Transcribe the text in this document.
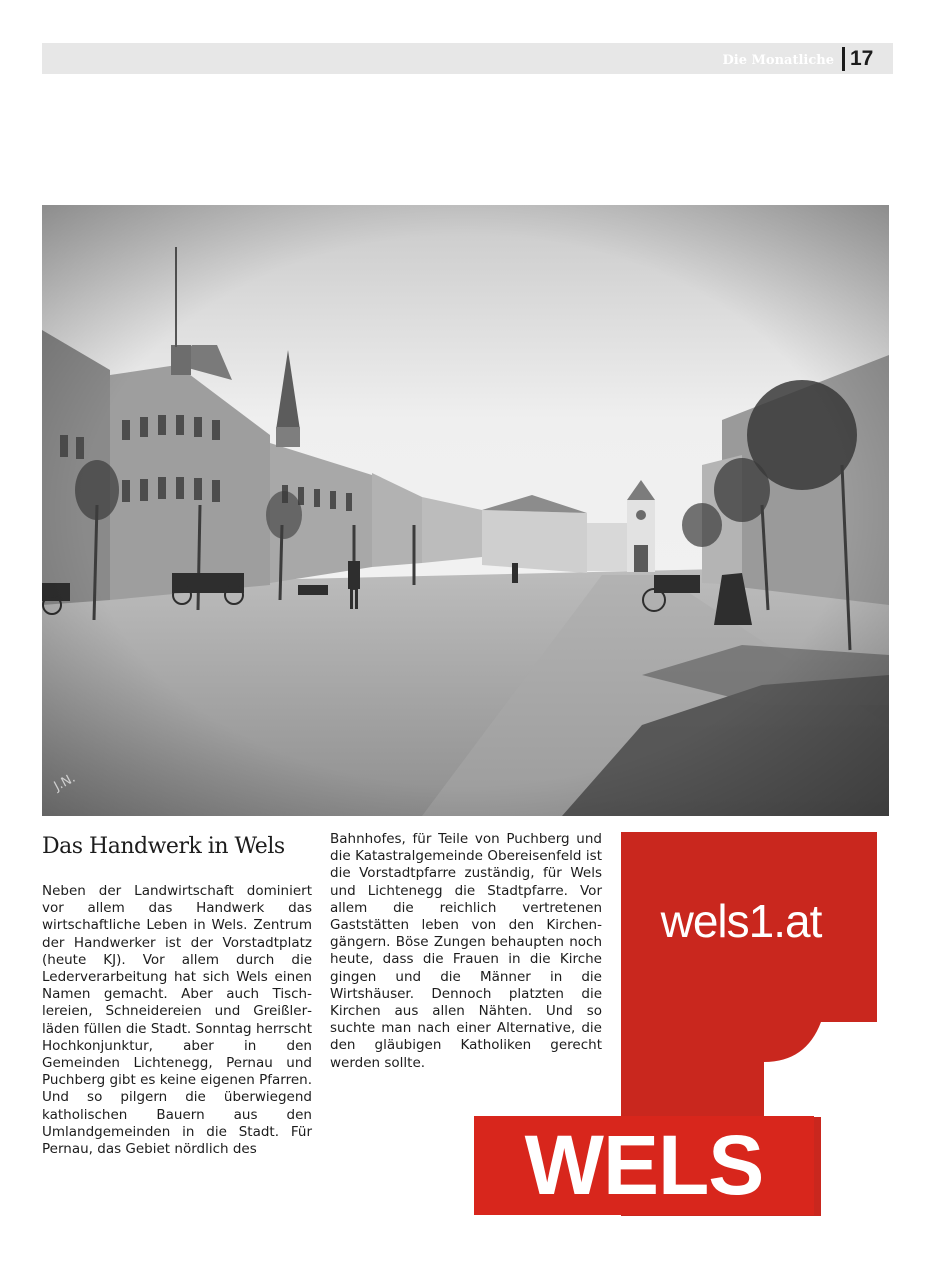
Die Monatliche 17
J.N.
Das Handwerk in Wels

Neben der Landwirtschaft dominiert vor allem das Handwerk das wirtschaftliche Leben in Wels. Zentrum der Handwerker ist der Vorstadtplatz (heute KJ). Vor allem durch die Lederverarbeitung hat sich Wels einen Namen gemacht. Aber auch Tischlereien, Schneidereien und Greißlerläden füllen die Stadt. Sonntag herrscht Hochkonjunktur, aber in den Gemeinden Lichtenegg, Pernau und Puchberg gibt es keine eigenen Pfarren. Und so pilgern die überwiegend katholischen Bauern aus den Umlandgemeinden in die Stadt. Für Pernau, das Gebiet nördlich des

Bahnhofes, für Teile von Puchberg und die Katastralgemeinde Obereisenfeld ist die Vorstadtpfarre zuständig, für Wels und Lichtenegg die Stadtpfarre. Vor allem die reichlich vertretenen Gaststätten leben von den Kirchengängern. Böse Zungen behaupten noch heute, dass die Frauen in die Kirche gingen und die Männer in die Wirtshäuser. Dennoch platzten die Kirchen aus allen Nähten. Und so suchte man nach einer Alternative, die den gläubigen Katholiken gerecht werden sollte.

wels1.at
WELS
